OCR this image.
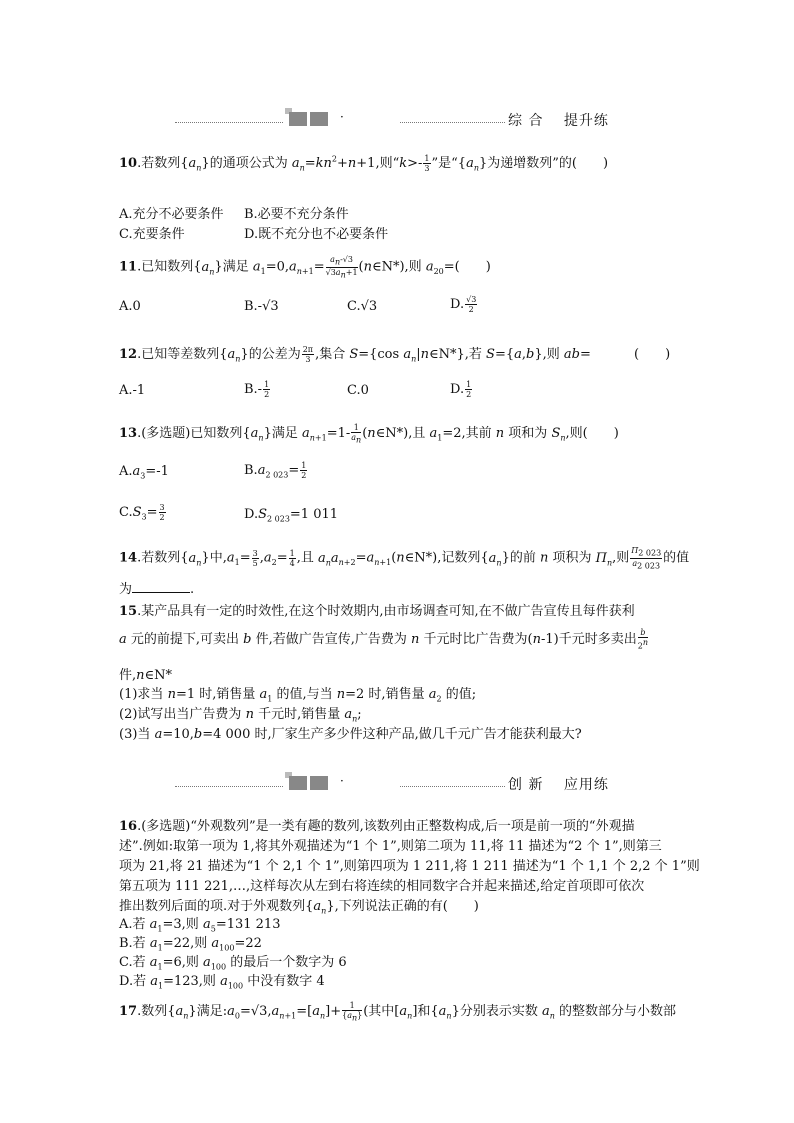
·	综 合　 提升练
10.若数列$\{a_n\}$的通项公式为 $a_n=kn^2+n+1$,则“$k>- \frac{1}{3}$ ”是“$\{a_n\}$为递增数列”的(　　)
A.充分不必要条件 B.必要不充分条件
C.充要条件	D.既不充分也不必要条件
11.已知数列$\{a_n\}$满足 $a_1=0,a_{n+1}= \frac{a_n-√3}{√3a_n+1}$ (n∈N*),则 $a_{20}=$(　　)
A.0	B.-√3	C.√3	D. $\frac{√3}{2}$
12.已知等差数列$\{a_n\}$的公差为 $\frac{2\pi}{3}$ ,集合 S={cos $a_n|n\in N*$},若 S={a,b},则 ab=	(　　)
A.-1	$B.- \frac{1}{2}$	C.0	D. $\frac{1}{2}$
13.(多选题)已知数列$\{a_n\}$满足 $a_{n+1}=1- \frac{1}{a_n}$ (n∈N*),且 $a_1=2$,其前 n 项和为 $S_n$,则(　　)
$A.a_3=-1$	$B.a_{2 023}= \frac{1}{2}$
$C.S_3= \frac{3}{2}$	$D.S_{2 023}=1$ 011
14.若数列$\{a_n\}$中$,a_1= \frac{3}{5} ,a_2= \frac{1}{4}$ ,且 $a_na_{n+2}=a_{n+1}(n\in N*)$,记数列$\{a_n\}$的前 n 项积为 $\Pi_n$,则 $\frac{\Pi_{2 023}}{a_{2 023}}$ 的值
为	.
15.某产品具有一定的时效性,在这个时效期内,由市场调查可知,在不做广告宣传且每件获利
a 元的前提下,可卖出 b 件,若做广告宣传,广告费为 n 千元时比广告费为(n-1)千元时多卖出 $\frac{b}{2^n}$
件,n∈N*
(1)求当 n=1 时,销售量 $a_1$ 的值,与当 n=2 时,销售量 $a_2$ 的值;
(2)试写出当广告费为 n 千元时,销售量 $a_n$;
(3)当 a=10,b=4 000 时,厂家生产多少件这种产品,做几千元广告才能获利最大?
·	创 新　 应用练
16.(多选题)“外观数列”是一类有趣的数列,该数列由正整数构成,后一项是前一项的“外观描
述”.例如:取第一项为 1,将其外观描述为“1 个 1”,则第二项为 11,将 11 描述为“2 个 1”,则第三
项为 21,将 21 描述为“1 个 2,1 个 1”,则第四项为 1 211,将 1 211 描述为“1 个 1,1 个 2,2 个 1”则
第五项为 111 221,…,这样每次从左到右将连续的相同数字合并起来描述,给定首项即可依次
推出数列后面的项.对于外观数列$\{a_n\}$,下列说法正确的有(　　)
A.若 $a_1=3$,则 $a_5=131$ 213
B.若 $a_1=22$,则 $a_{100}=22$
C.若 $a_1=6$,则 $a_{100}$ 的最后一个数字为 6
D.若 $a_1=123$,则 $a_{100}$ 中没有数字 4
17.数列$\{a_n\}$满足$:a_0=√3,a_{n+1}=[a_n]+ \frac{1}{\{a_n\}}$ (其中$[a_n]$和$\{a_n\}$分别表示实数 $a_n$ 的整数部分与小数部
